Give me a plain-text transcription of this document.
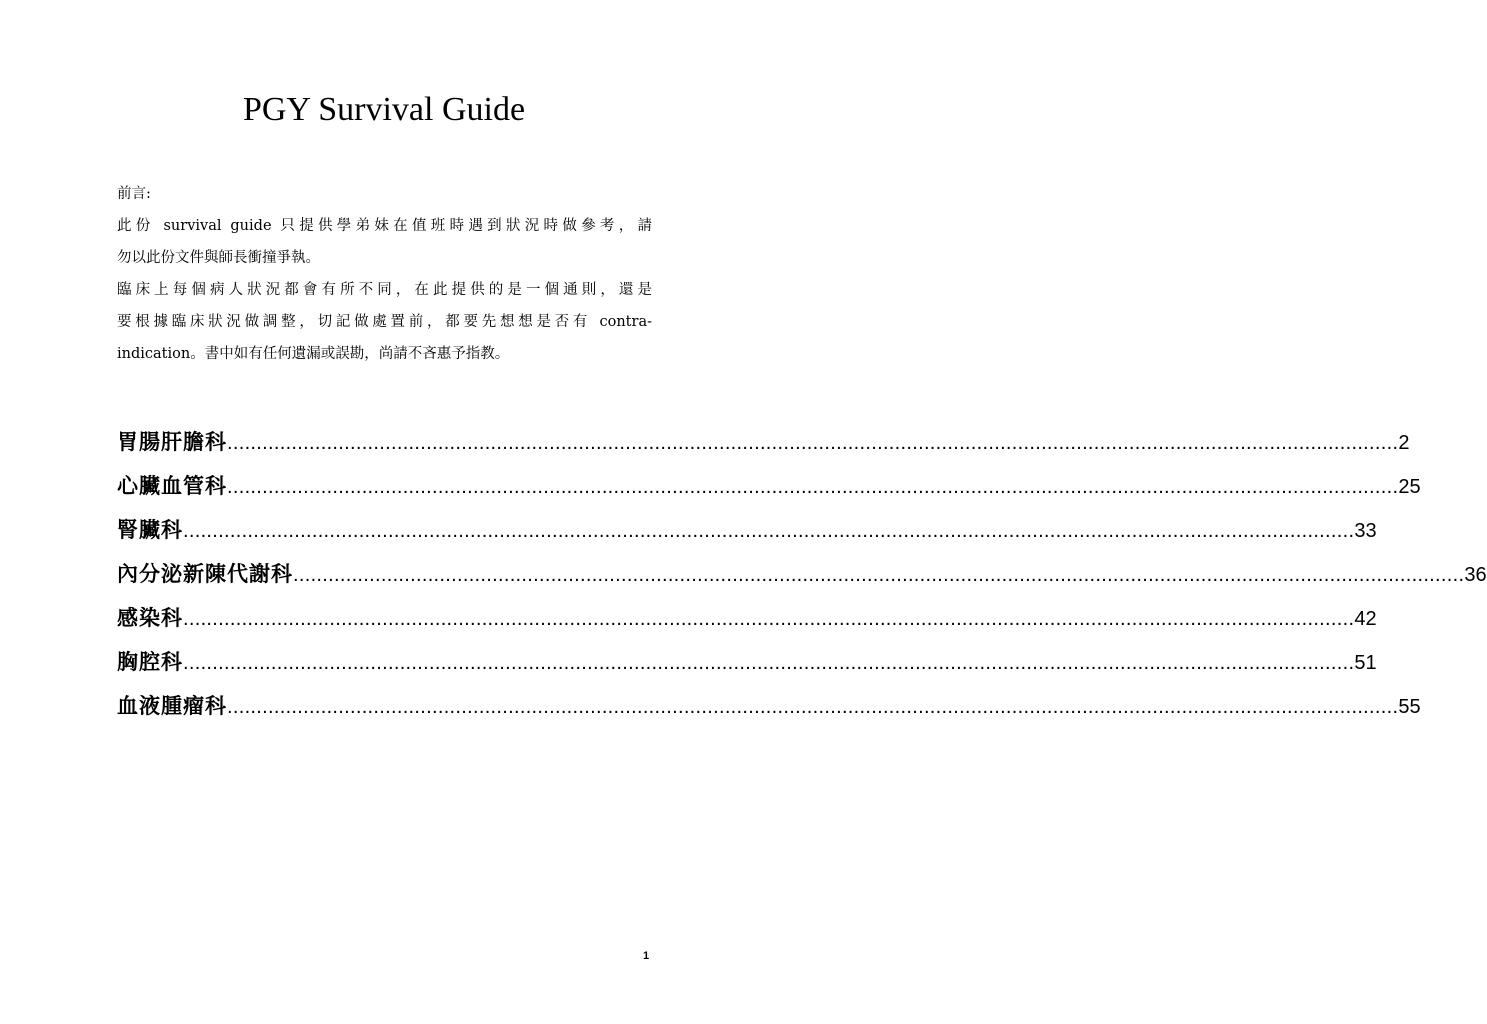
PGY Survival Guide
前言:
此份 survival guide 只提供學弟妹在值班時遇到狀況時做參考，請
勿以此份文件與師長衝撞爭執。
臨床上每個病人狀況都會有所不同，在此提供的是一個通則，還是
要根據臨床狀況做調整，切記做處置前，都要先想想是否有 contra-
indication。書中如有任何遺漏或誤勘，尚請不吝惠予指教。
胃腸肝膽科 ........................................................................................................................................................................................................ 2
心臟血管科 ........................................................................................................................................................................................................ 25
腎臟科 ........................................................................................................................................................................................................ 33
內分泌新陳代謝科 ........................................................................................................................................................................................................ 36
感染科 ........................................................................................................................................................................................................ 42
胸腔科 ........................................................................................................................................................................................................ 51
血液腫瘤科 ........................................................................................................................................................................................................ 55
1
